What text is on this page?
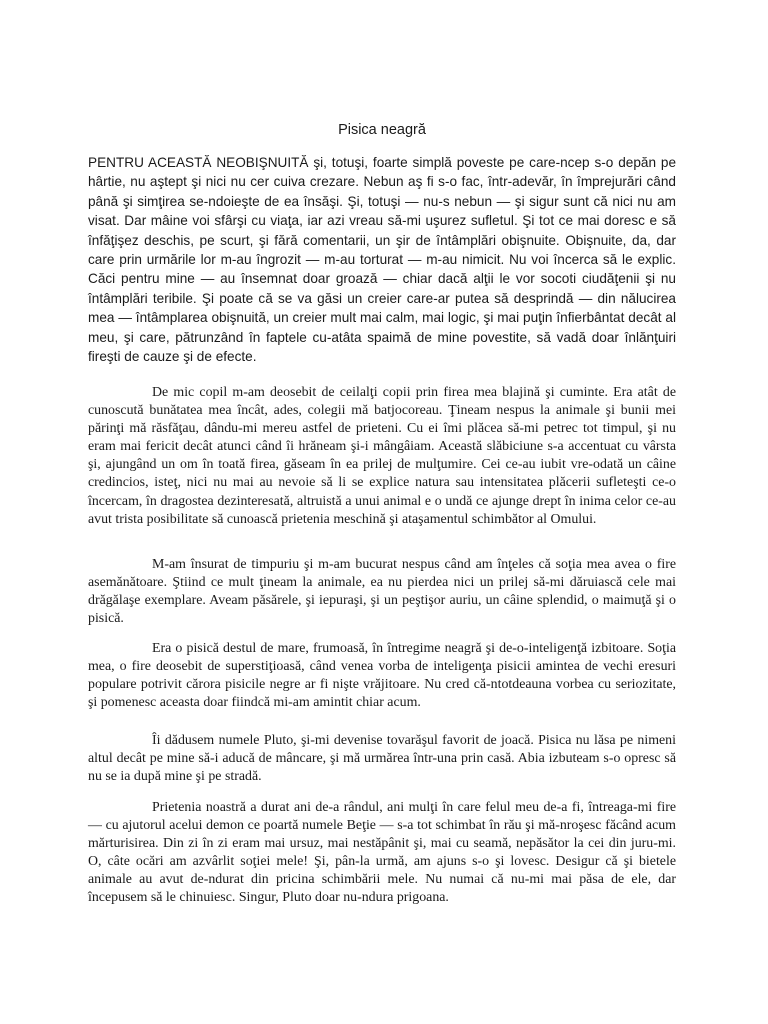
Pisica neagră

PENTRU ACEASTĂ NEOBIŞNUITĂ şi, totuşi, foarte simplă poveste pe care-ncep s-o depăn pe hârtie, nu aştept şi nici nu cer cuiva crezare. Nebun aş fi s-o fac, într-adevăr, în împrejurări când până şi simţirea se-ndoieşte de ea însăşi. Şi, totuşi — nu-s nebun — şi sigur sunt că nici nu am visat. Dar mâine voi sfârşi cu viaţa, iar azi vreau să-mi uşurez sufletul. Şi tot ce mai doresc e să înfăţişez deschis, pe scurt, şi fără comentarii, un şir de întâmplări obişnuite. Obişnuite, da, dar care prin urmările lor m-au îngrozit — m-au torturat — m-au nimicit. Nu voi încerca să le explic. Căci pentru mine — au însemnat doar groază — chiar dacă alţii le vor socoti ciudăţenii şi nu întâmplări teribile. Şi poate că se va găsi un creier care-ar putea să desprindă — din nălucirea mea — întâmplarea obişnuită, un creier mult mai calm, mai logic, şi mai puţin înfierbântat decât al meu, şi care, pătrunzând în faptele cu-atâta spaimă de mine povestite, să vadă doar înlănţuiri fireşti de cauze şi de efecte.

De mic copil m-am deosebit de ceilalţi copii prin firea mea blajină şi cuminte. Era atât de cunoscută bunătatea mea încât, ades, colegii mă batjocoreau. Ţineam nespus la animale şi bunii mei părinţi mă răsfăţau, dându-mi mereu astfel de prieteni. Cu ei îmi plăcea să-mi petrec tot timpul, şi nu eram mai fericit decât atunci când îi hrăneam şi-i mângâiam. Această slăbiciune s-a accentuat cu vârsta şi, ajungând un om în toată firea, găseam în ea prilej de mulţumire. Cei ce-au iubit vre-odată un câine credincios, isteţ, nici nu mai au nevoie să li se explice natura sau intensitatea plăcerii sufleteşti ce-o încercam, în dragostea dezinteresată, altruistă a unui animal e o undă ce ajunge drept în inima celor ce-au avut trista posibilitate să cunoască prietenia meschină şi ataşamentul schimbător al Omului.

M-am însurat de timpuriu şi m-am bucurat nespus când am înţeles că soţia mea avea o fire asemănătoare. Ştiind ce mult ţineam la animale, ea nu pierdea nici un prilej să-mi dăruiască cele mai drăgălaşe exemplare. Aveam păsărele, şi iepuraşi, şi un peştişor auriu, un câine splendid, o maimuţă şi o pisică.

Era o pisică destul de mare, frumoasă, în întregime neagră şi de-o-inteligenţă izbitoare. Soţia mea, o fire deosebit de superstiţioasă, când venea vorba de inteligenţa pisicii amintea de vechi eresuri populare potrivit cărora pisicile negre ar fi nişte vrăjitoare. Nu cred că-ntotdeauna vorbea cu seriozitate, şi pomenesc aceasta doar fiindcă mi-am amintit chiar acum.

Îi dădusem numele Pluto, şi-mi devenise tovarăşul favorit de joacă. Pisica nu lăsa pe nimeni altul decât pe mine să-i aducă de mâncare, şi mă urmărea într-una prin casă. Abia izbuteam s-o opresc să nu se ia după mine şi pe stradă.

Prietenia noastră a durat ani de-a rândul, ani mulţi în care felul meu de-a fi, întreaga-mi fire — cu ajutorul acelui demon ce poartă numele Beţie — s-a tot schimbat în rău şi mă-nroşesc făcând acum mărturisirea. Din zi în zi eram mai ursuz, mai nestăpânit şi, mai cu seamă, nepăsător la cei din juru-mi. O, câte ocări am azvârlit soţiei mele! Şi, pân-la urmă, am ajuns s-o şi lovesc. Desigur că şi bietele animale au avut de-ndurat din pricina schimbării mele. Nu numai că nu-mi mai păsa de ele, dar începusem să le chinuiesc. Singur, Pluto doar nu-ndura prigoana.
